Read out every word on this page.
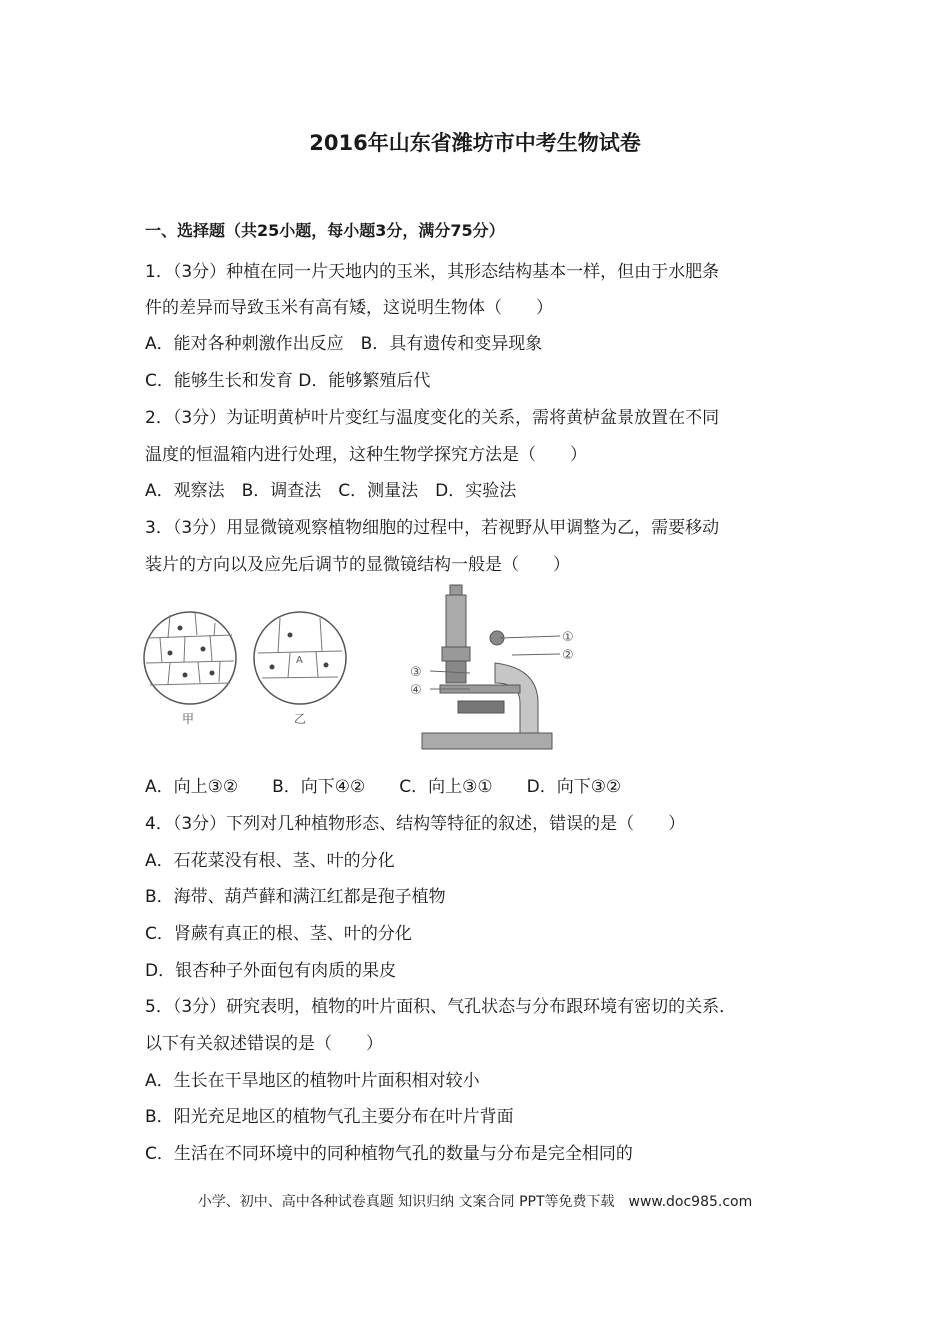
2016年山东省潍坊市中考生物试卷
一、选择题（共25小题，每小题3分，满分75分）
1．（3分）种植在同一片天地内的玉米，其形态结构基本一样，但由于水肥条
件的差异而导致玉米有高有矮，这说明生物体（　　）
A．能对各种刺激作出反应　B．具有遗传和变异现象
C．能够生长和发育 D．能够繁殖后代
2．（3分）为证明黄栌叶片变红与温度变化的关系，需将黄栌盆景放置在不同
温度的恒温箱内进行处理，这种生物学探究方法是（　　）
A．观察法　B．调查法　C．测量法　D．实验法
3．（3分）用显微镜观察植物细胞的过程中，若视野从甲调整为乙，需要移动
装片的方向以及应先后调节的显微镜结构一般是（　　）
甲
A
乙
①
②
③
④
A．向上③②　　B．向下④②　　C．向上③①　　D．向下③②
4．（3分）下列对几种植物形态、结构等特征的叙述，错误的是（　　）
A．石花菜没有根、茎、叶的分化
B．海带、葫芦藓和满江红都是孢子植物
C．肾蕨有真正的根、茎、叶的分化
D．银杏种子外面包有肉质的果皮
5．（3分）研究表明，植物的叶片面积、气孔状态与分布跟环境有密切的关系．
以下有关叙述错误的是（　　）
A．生长在干旱地区的植物叶片面积相对较小
B．阳光充足地区的植物气孔主要分布在叶片背面
C．生活在不同环境中的同种植物气孔的数量与分布是完全相同的
小学、初中、高中各种试卷真题 知识归纳 文案合同 PPT等免费下载　www.doc985.com
